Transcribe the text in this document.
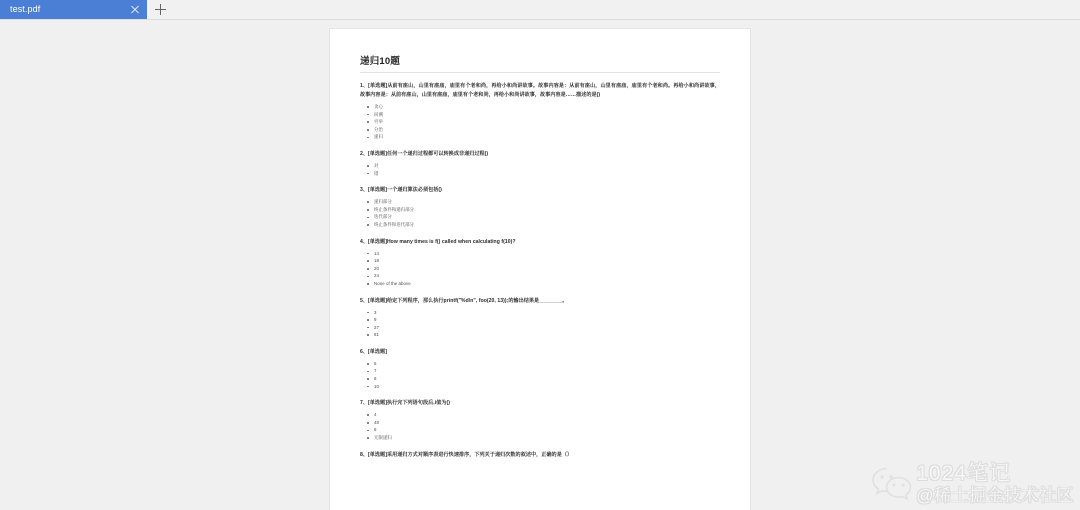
test.pdf
递归10题

1、[单选题]从前有座山，山里有座庙，庙里有个老和尚，再给小和尚讲故事。故事内容是：从前有座山，山里有座庙，庙里有个老和尚。再给小和尚讲故事，故事内容是：从前有座山，山里有座庙，庙里有个老和尚，再给小和尚讲故事，故事内容是……描述的是()

贪心
回溯
穷举
分治
递归

2、[单选题]任何一个递归过程都可以转换成非递归过程()

对
错

3、[单选题]一个递归算法必须包括()

递归部分
终止条件和递归部分
迭代部分
终止条件和迭代部分

4、[单选题]How many times is f() called when calculating f(10)?

14
18
20
24
None of the above

5、[单选题]给定下列程序，那么执行printf("%d\n", foo(20, 13));的输出结果是________。

3
9
27
81

6、[单选题]

5
7
8
10

7、[单选题]执行完下列语句段后,i值为()

4
48
8
无限递归

8、[单选题]采用递归方式对顺序表进行快速排序，下列关于递归次数的叙述中，正确的是（）

1024笔记
@稀土掘金技术社区
